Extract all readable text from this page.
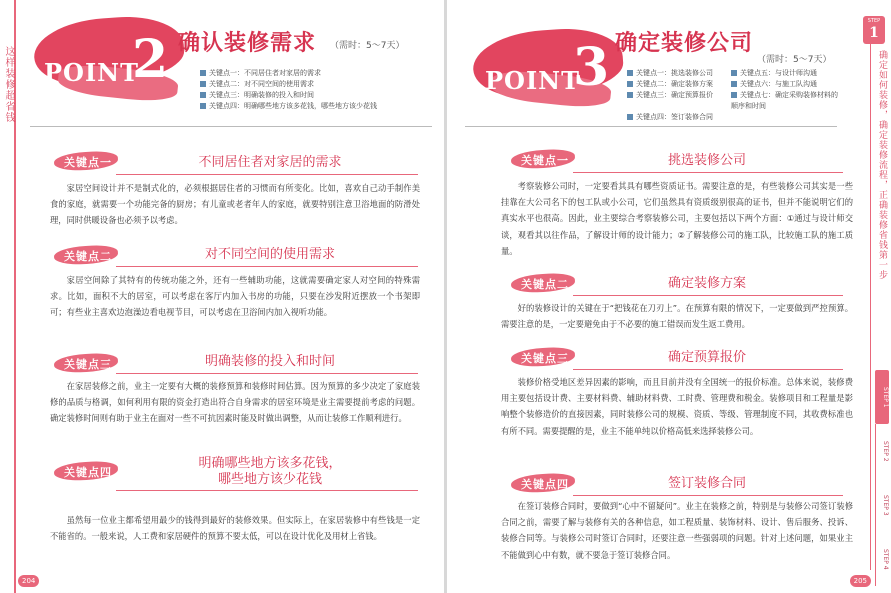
这样装修超省钱 POINT
2 确认装修需求 （需时：5～7天）
关键点一：不同居住者对家居的需求
关键点二：对不同空间的使用需求
关键点三：明确装修的投入和时间
关键点四：明确哪些地方该多花钱，哪些地方该少花钱
关键点一	不同居住者对家居的需求
家居空间设计并不是制式化的，必须根据居住者的习惯而有所变化。比如，喜欢自己动手制作美食的家庭，就需要一个功能完备的厨房；有儿童或老者年人的家庭，就要特别注意卫浴地面的防滑处理，同时供暖设备也必须予以考虑。
关键点二	对不同空间的使用需求
家居空间除了其特有的传统功能之外，还有一些辅助功能，这就需要确定家人对空间的特殊需求。比如，面积不大的居室，可以考虑在客厅内加入书房的功能，只要在沙发附近摆放一个书架即可；有些业主喜欢边泡澡边看电视节目，可以考虑在卫浴间内加入视听功能。
关键点三	明确装修的投入和时间
在家居装修之前，业主一定要有大概的装修预算和装修时间估算。因为预算的多少决定了家庭装修的品质与格调，如何利用有限的资金打造出符合自身需求的居室环境是业主需要提前考虑的问题。确定装修时间则有助于业主在面对一些不可抗因素时能及时做出调整，从而让装修工作顺利进行。
关键点四
明确哪些地方该多花钱，
哪些地方该少花钱
虽然每一位业主都希望用最少的钱得到最好的装修效果。但实际上，在家居装修中有些钱是一定不能省的。一般来说，人工费和家居硬件的预算不要太低，可以在设计优化及用材上省钱。
204
POINT
3 确定装修公司
（需时：5～7天）
关键点一：挑选装修公司	关键点五：与设计师沟通
关键点二：确定装修方案	关键点六：与施工队沟通
关键点三：确定预算报价	关键点七：确定采购装修材料的顺序和时间
关键点四：签订装修合同
关键点一	挑选装修公司
考察装修公司时，一定要看其具有哪些资质证书。需要注意的是，有些装修公司其实是一些挂靠在大公司名下的包工队或小公司，它们虽然具有资质级别很高的证书，但并不能说明它们的真实水平也很高。因此，业主要综合考察装修公司，主要包括以下两个方面：①通过与设计师交谈，观看其以往作品，了解设计师的设计能力；②了解装修公司的施工队，比较施工队的施工质量。
关键点二	确定装修方案
好的装修设计的关键在于“把钱花在刀刃上”。在预算有限的情况下，一定要做到严控预算。需要注意的是，一定要避免由于不必要的施工错误而发生返工费用。
关键点三	确定预算报价
装修价格受地区差异因素的影响，而且目前并没有全国统一的报价标准。总体来说，装修费用主要包括设计费、主要材料费、辅助材料费、工时费、管理费和税金。装修项目和工程量是影响整个装修造价的直接因素，同时装修公司的规模、资质、等级、管理制度不同，其收费标准也有所不同。需要提醒的是，业主不能单纯以价格高低来选择装修公司。
关键点四	签订装修合同
在签订装修合同时，要做到“心中不留疑问”。业主在装修之前，特别是与装修公司签订装修合同之前，需要了解与装修有关的各种信息，如工程质量、装饰材料、设计、售后服务、投诉、装修合同等。与装修公司时签订合同时，还要注意一些强弱项的问题。针对上述问题，如果业主不能做到心中有数，就不要急于签订装修合同。
STEP
1
确定如何装修，确定装修流程，正确装修省钱第一步
STEP 1
STEP 2
STEP 3
STEP 4
205
